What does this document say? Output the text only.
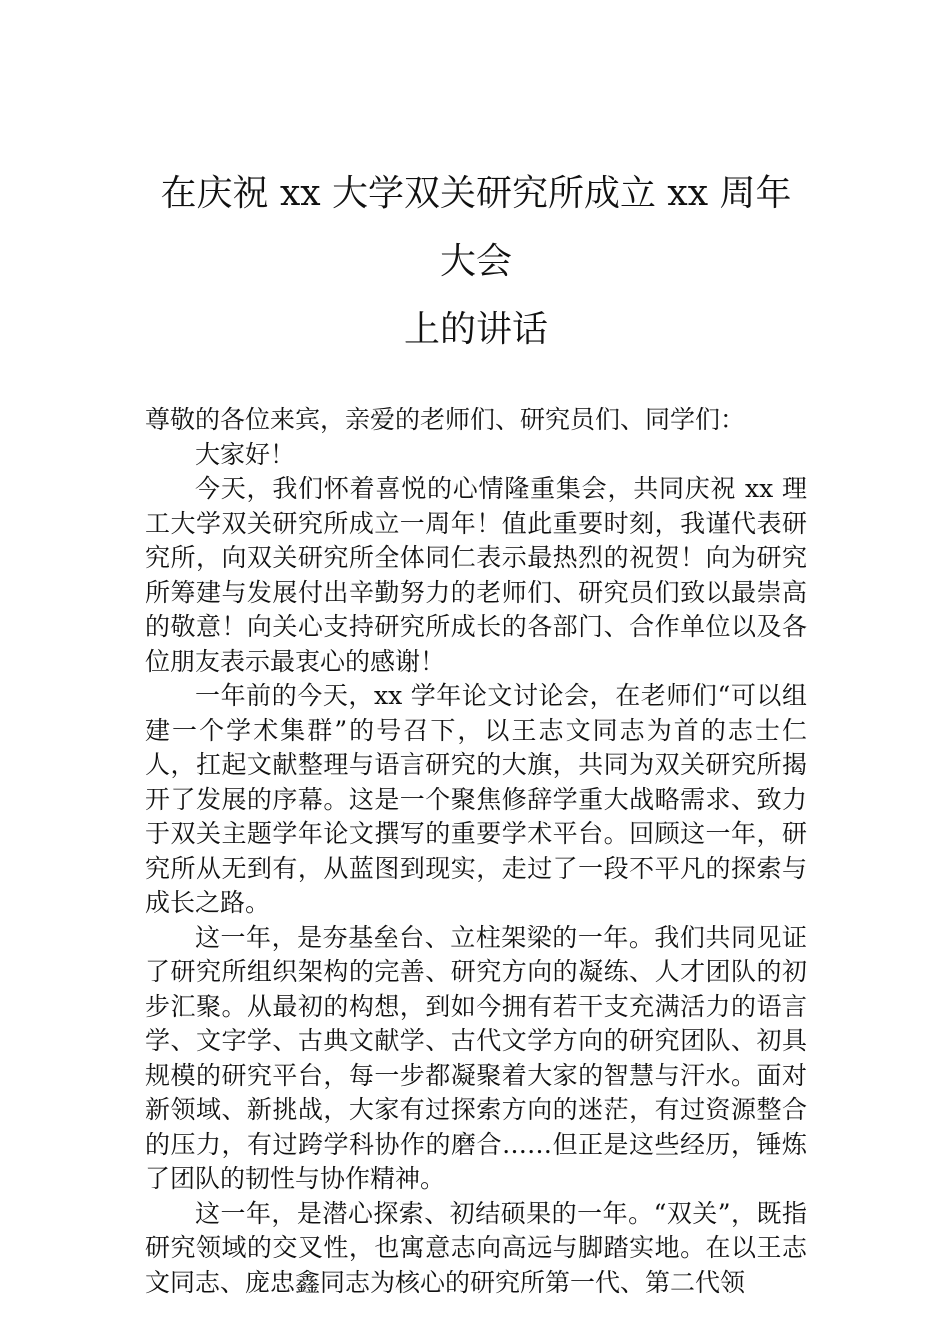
在庆祝 xx 大学双关研究所成立 xx 周年大会
上的讲话

尊敬的各位来宾，亲爱的老师们、研究员们、同学们：

大家好！

今天，我们怀着喜悦的心情隆重集会，共同庆祝 xx 理工大学双关研究所成立一周年！值此重要时刻，我谨代表研究所，向双关研究所全体同仁表示最热烈的祝贺！向为研究所筹建与发展付出辛勤努力的老师们、研究员们致以最崇高的敬意！向关心支持研究所成长的各部门、合作单位以及各位朋友表示最衷心的感谢！

一年前的今天，xx 学年论文讨论会，在老师们“可以组建一个学术集群”的号召下，以王志文同志为首的志士仁人，扛起文献整理与语言研究的大旗，共同为双关研究所揭开了发展的序幕。这是一个聚焦修辞学重大战略需求、致力于双关主题学年论文撰写的重要学术平台。回顾这一年，研究所从无到有，从蓝图到现实，走过了一段不平凡的探索与成长之路。

这一年，是夯基垒台、立柱架梁的一年。我们共同见证了研究所组织架构的完善、研究方向的凝练、人才团队的初步汇聚。从最初的构想，到如今拥有若干支充满活力的语言学、文字学、古典文献学、古代文学方向的研究团队、初具规模的研究平台，每一步都凝聚着大家的智慧与汗水。面对新领域、新挑战，大家有过探索方向的迷茫，有过资源整合的压力，有过跨学科协作的磨合……但正是这些经历，锤炼了团队的韧性与协作精神。

这一年，是潜心探索、初结硕果的一年。“双关”，既指研究领域的交叉性，也寓意志向高远与脚踏实地。在以王志文同志、庞忠鑫同志为核心的研究所第一代、第二代领
